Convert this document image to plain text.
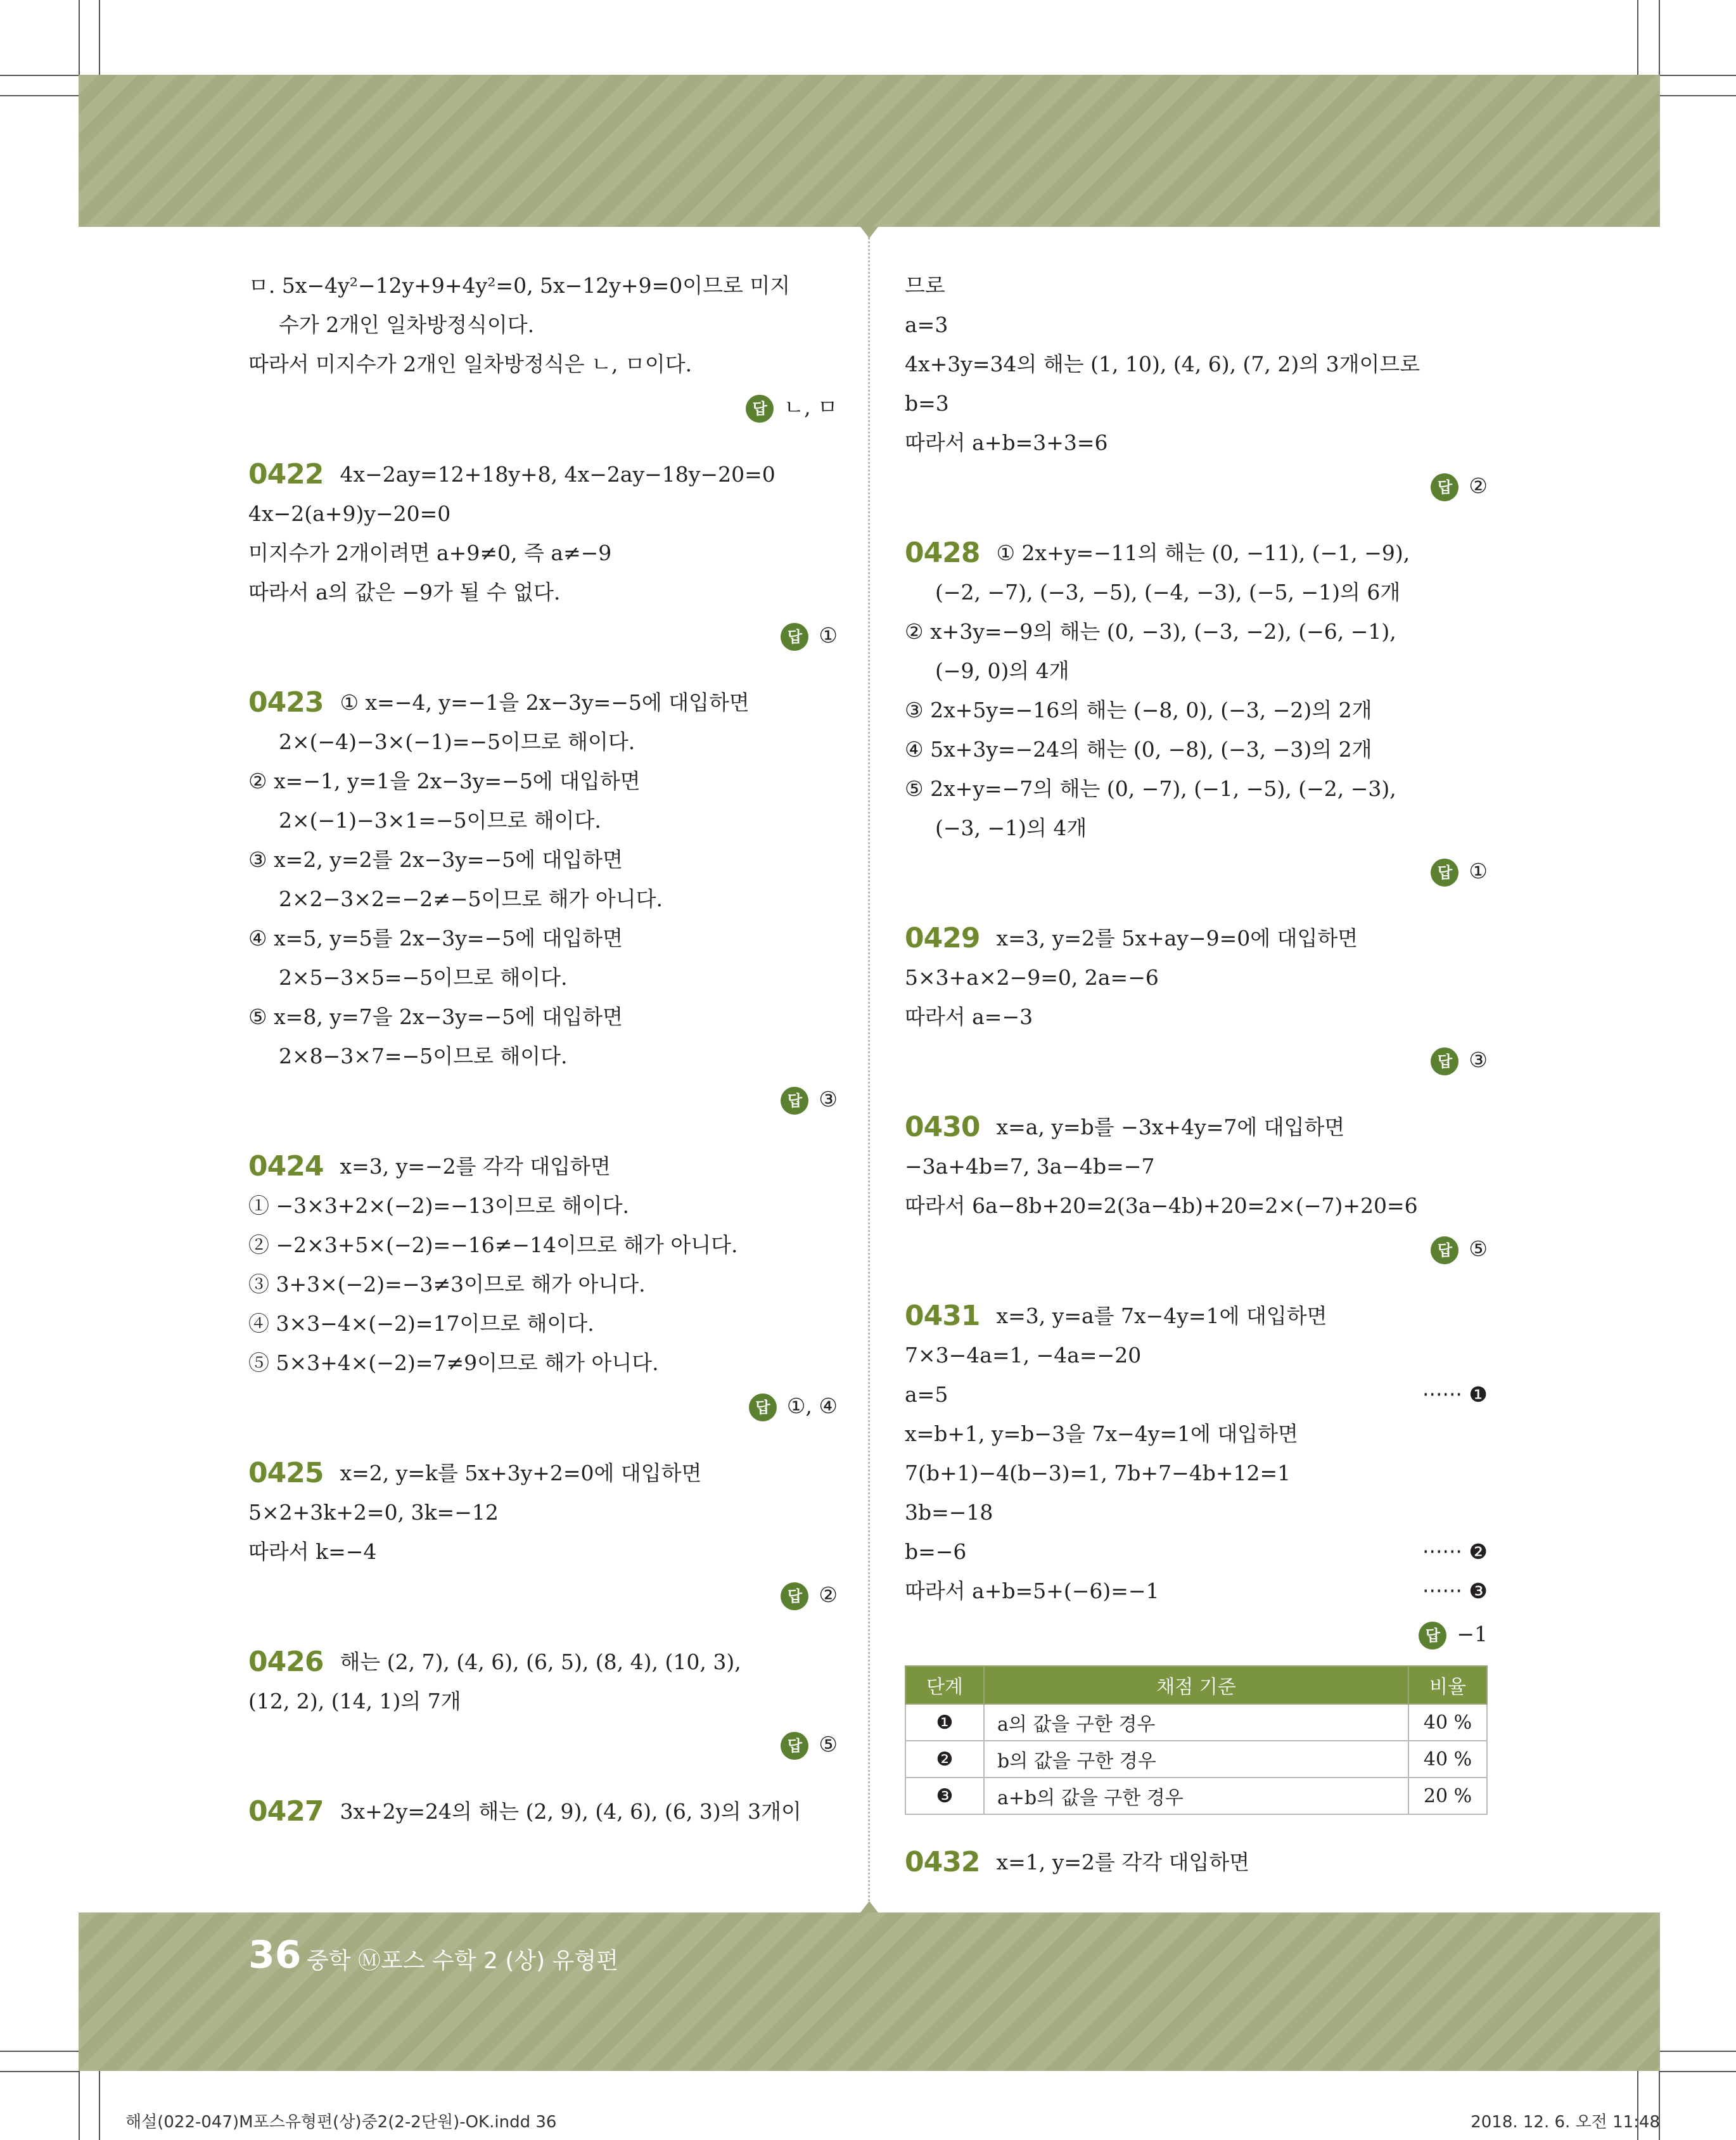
ㅁ. 5x−4y²−12y+9+4y²=0, 5x−12y+9=0이므로 미지
수가 2개인 일차방정식이다.
따라서 미지수가 2개인 일차방정식은 ㄴ, ㅁ이다.
답 ㄴ, ㅁ
0422 4x−2ay=12+18y+8, 4x−2ay−18y−20=0
4x−2(a+9)y−20=0
미지수가 2개이려면 a+9≠0, 즉 a≠−9
따라서 a의 값은 −9가 될 수 없다.
답 ①
0423 ① x=−4, y=−1을 2x−3y=−5에 대입하면
2×(−4)−3×(−1)=−5이므로 해이다.
② x=−1, y=1을 2x−3y=−5에 대입하면
2×(−1)−3×1=−5이므로 해이다.
③ x=2, y=2를 2x−3y=−5에 대입하면
2×2−3×2=−2≠−5이므로 해가 아니다.
④ x=5, y=5를 2x−3y=−5에 대입하면
2×5−3×5=−5이므로 해이다.
⑤ x=8, y=7을 2x−3y=−5에 대입하면
2×8−3×7=−5이므로 해이다.
답 ③
0424 x=3, y=−2를 각각 대입하면
① −3×3+2×(−2)=−13이므로 해이다.
② −2×3+5×(−2)=−16≠−14이므로 해가 아니다.
③ 3+3×(−2)=−3≠3이므로 해가 아니다.
④ 3×3−4×(−2)=17이므로 해이다.
⑤ 5×3+4×(−2)=7≠9이므로 해가 아니다.
답 ①, ④
0425 x=2, y=k를 5x+3y+2=0에 대입하면
5×2+3k+2=0, 3k=−12
따라서 k=−4
답 ②
0426 해는 (2, 7), (4, 6), (6, 5), (8, 4), (10, 3),
(12, 2), (14, 1)의 7개
답 ⑤
0427 3x+2y=24의 해는 (2, 9), (4, 6), (6, 3)의 3개이
므로
a=3
4x+3y=34의 해는 (1, 10), (4, 6), (7, 2)의 3개이므로
b=3
따라서 a+b=3+3=6
답 ②
0428 ① 2x+y=−11의 해는 (0, −11), (−1, −9),
(−2, −7), (−3, −5), (−4, −3), (−5, −1)의 6개
② x+3y=−9의 해는 (0, −3), (−3, −2), (−6, −1),
(−9, 0)의 4개
③ 2x+5y=−16의 해는 (−8, 0), (−3, −2)의 2개
④ 5x+3y=−24의 해는 (0, −8), (−3, −3)의 2개
⑤ 2x+y=−7의 해는 (0, −7), (−1, −5), (−2, −3),
(−3, −1)의 4개
답 ①
0429 x=3, y=2를 5x+ay−9=0에 대입하면
5×3+a×2−9=0, 2a=−6
따라서 a=−3
답 ③
0430 x=a, y=b를 −3x+4y=7에 대입하면
−3a+4b=7, 3a−4b=−7
따라서 6a−8b+20=2(3a−4b)+20=2×(−7)+20=6
답 ⑤
0431 x=3, y=a를 7x−4y=1에 대입하면
7×3−4a=1, −4a=−20
a=5	······ ❶
x=b+1, y=b−3을 7x−4y=1에 대입하면
7(b+1)−4(b−3)=1, 7b+7−4b+12=1
3b=−18
b=−6	······ ❷
따라서 a+b=5+(−6)=−1	······ ❸
답 −1
단계	채점 기준	비율
❶	a의 값을 구한 경우	40 %
❷	b의 값을 구한 경우	40 %
❸	a+b의 값을 구한 경우	20 %
0432 x=1, y=2를 각각 대입하면
36 중학 Ⓜ포스 수학 2 (상) 유형편
해설(022-047)M포스유형편(상)중2(2-2단원)-OK.indd 36	2018. 12. 6. 오전 11:48
